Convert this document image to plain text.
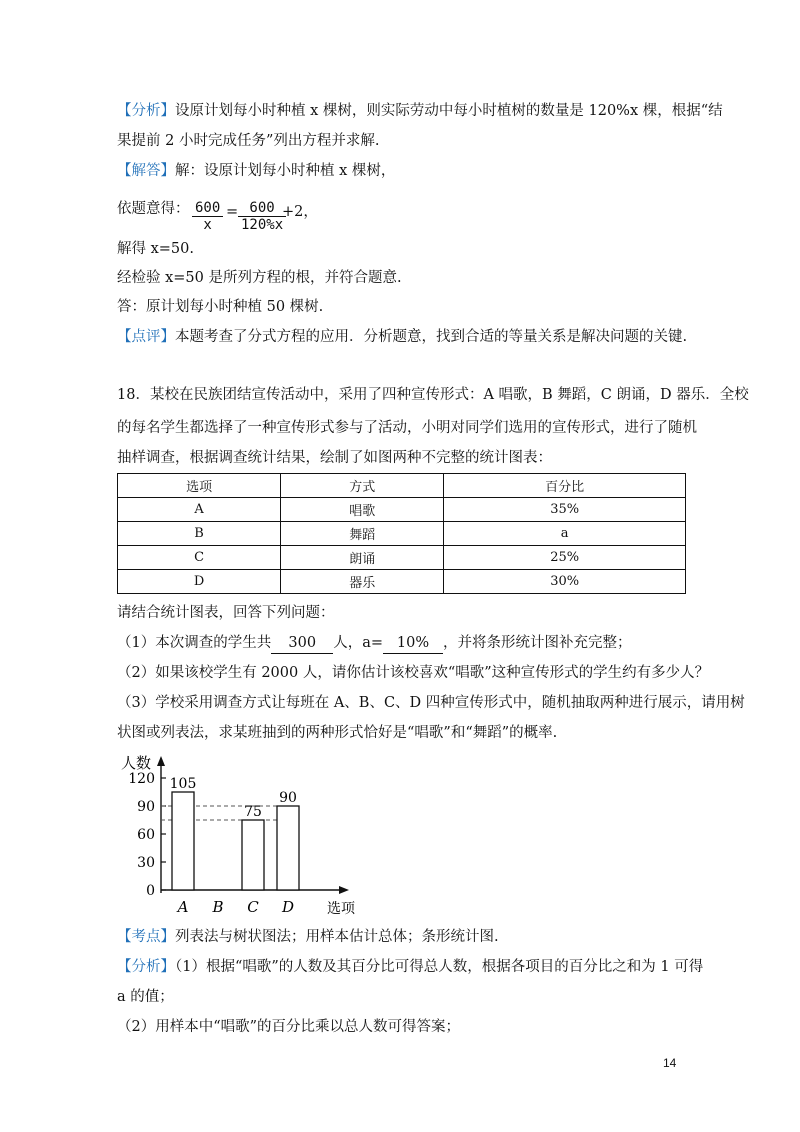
【分析】设原计划每小时种植 x 棵树，则实际劳动中每小时植树的数量是 120%x 棵，根据“结
果提前 2 小时完成任务”列出方程并求解.
【解答】解：设原计划每小时种植 x 棵树，
依题意得： $\frac{600}{x} = \frac{600}{120\%x}$
+2，
解得 x=50.
经检验 x=50 是所列方程的根，并符合题意.
答：原计划每小时种植 50 棵树.
【点评】本题考查了分式方程的应用．分析题意，找到合适的等量关系是解决问题的关键.
18．某校在民族团结宣传活动中，采用了四种宣传形式：A 唱歌，B 舞蹈，C 朗诵，D 器乐．全校
的每名学生都选择了一种宣传形式参与了活动，小明对同学们选用的宣传形式，进行了随机
抽样调查，根据调查统计结果，绘制了如图两种不完整的统计图表：
选项	方式	百分比
A	唱歌	35%
B	舞蹈	a
C	朗诵	25%
D	器乐	30%
请结合统计图表，回答下列问题：
（1）本次调查的学生共 300 人，a= 10% ，并将条形统计图补充完整；
（2）如果该校学生有 2000 人，请你估计该校喜欢“唱歌”这种宣传形式的学生约有多少人？
（3）学校采用调查方式让每班在 A、B、C、D 四种宣传形式中，随机抽取两种进行展示，请用树
状图或列表法，求某班抽到的两种形式恰好是“唱歌”和“舞蹈”的概率.
人数
选项
0
30
60
90
120 105
A B
75
C
90
D
【考点】列表法与树状图法；用样本估计总体；条形统计图.
【分析】（1）根据“唱歌”的人数及其百分比可得总人数，根据各项目的百分比之和为 1 可得
a 的值；
（2）用样本中“唱歌”的百分比乘以总人数可得答案；
14
